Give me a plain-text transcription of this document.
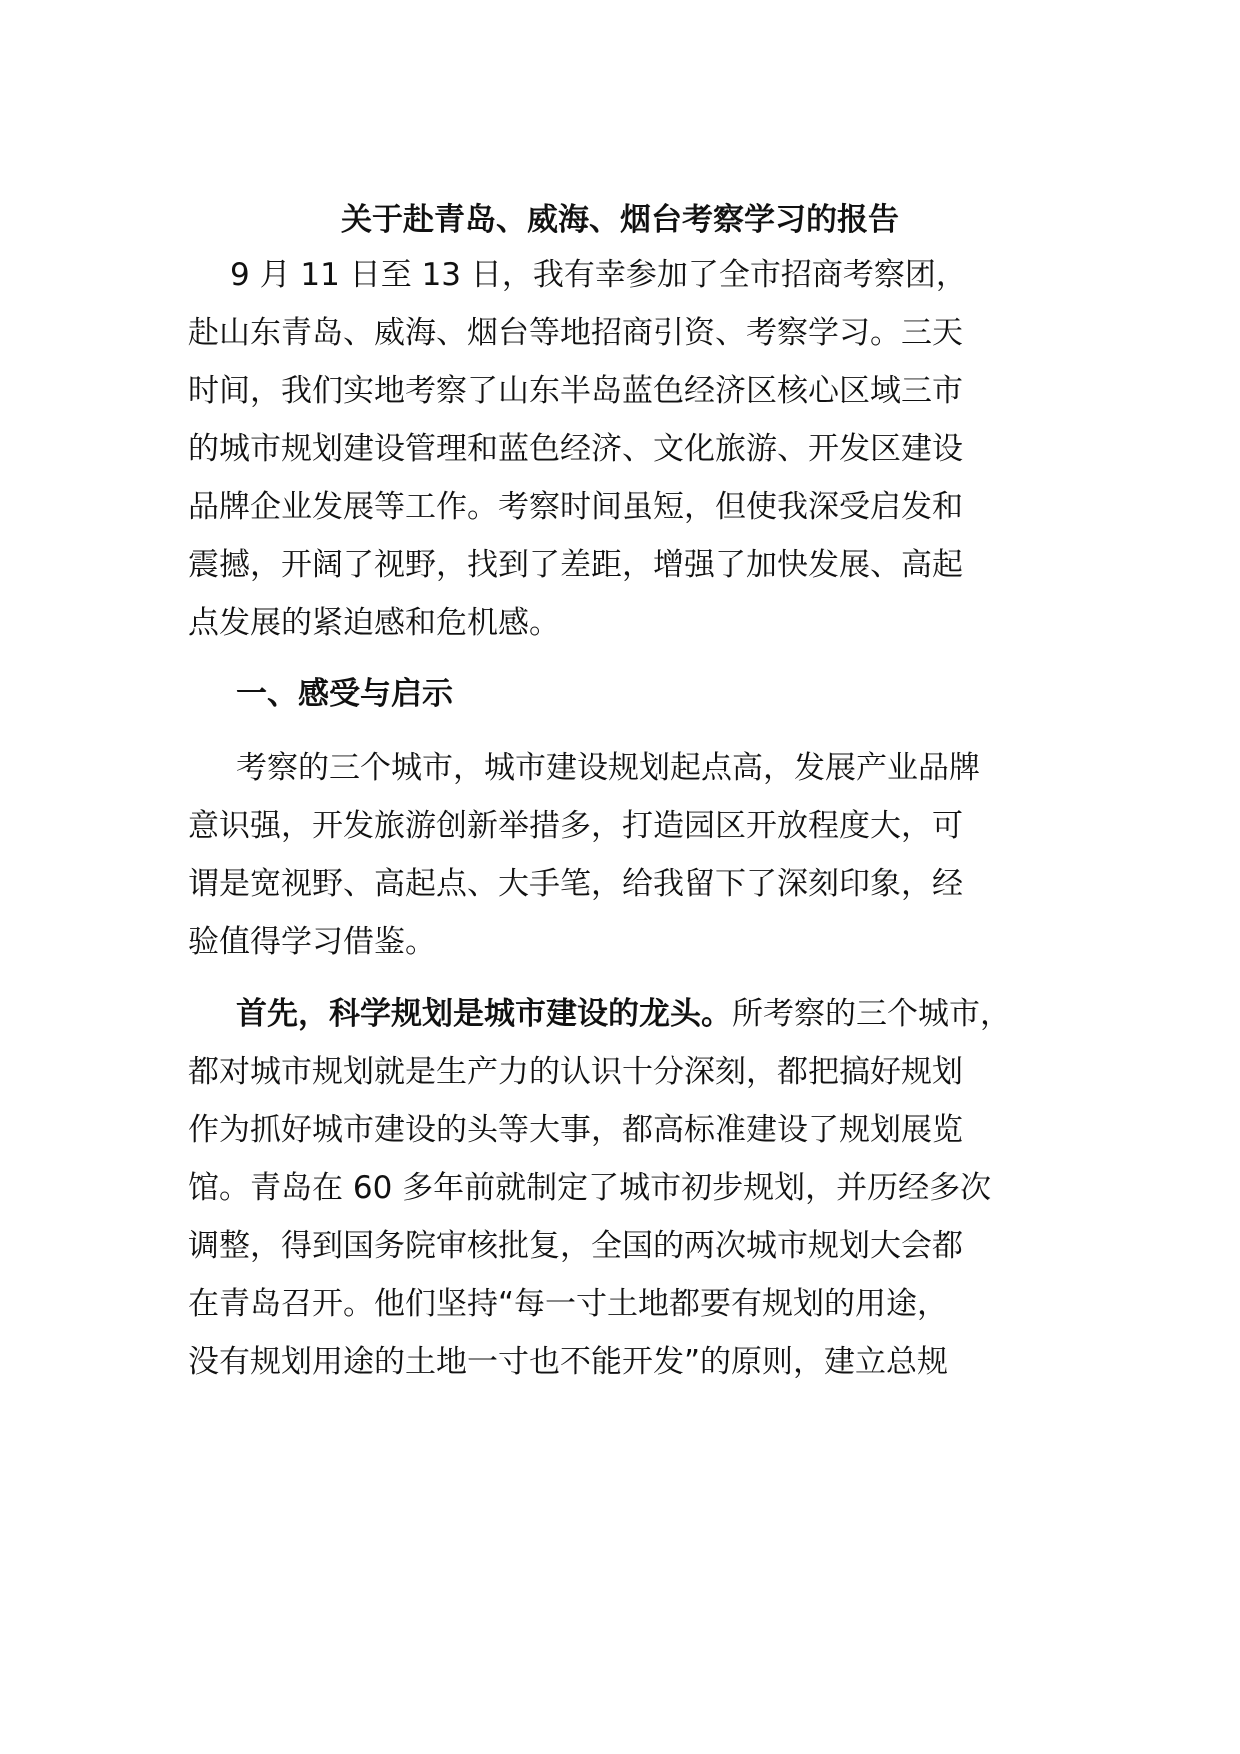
关于赴青岛、威海、烟台考察学习的报告
9 月 11 日至 13 日，我有幸参加了全市招商考察团，
赴山东青岛、威海、烟台等地招商引资、考察学习。三天
时间，我们实地考察了山东半岛蓝色经济区核心区域三市
的城市规划建设管理和蓝色经济、文化旅游、开发区建设
品牌企业发展等工作。考察时间虽短，但使我深受启发和
震撼，开阔了视野，找到了差距，增强了加快发展、高起
点发展的紧迫感和危机感。
一、感受与启示
考察的三个城市，城市建设规划起点高，发展产业品牌
意识强，开发旅游创新举措多，打造园区开放程度大，可
谓是宽视野、高起点、大手笔，给我留下了深刻印象，经
验值得学习借鉴。
首先，科学规划是城市建设的龙头。所考察的三个城市，
都对城市规划就是生产力的认识十分深刻，都把搞好规划
作为抓好城市建设的头等大事，都高标准建设了规划展览
馆。青岛在 60 多年前就制定了城市初步规划，并历经多次
调整，得到国务院审核批复，全国的两次城市规划大会都
在青岛召开。他们坚持“每一寸土地都要有规划的用途，
没有规划用途的土地一寸也不能开发”的原则，建立总规
